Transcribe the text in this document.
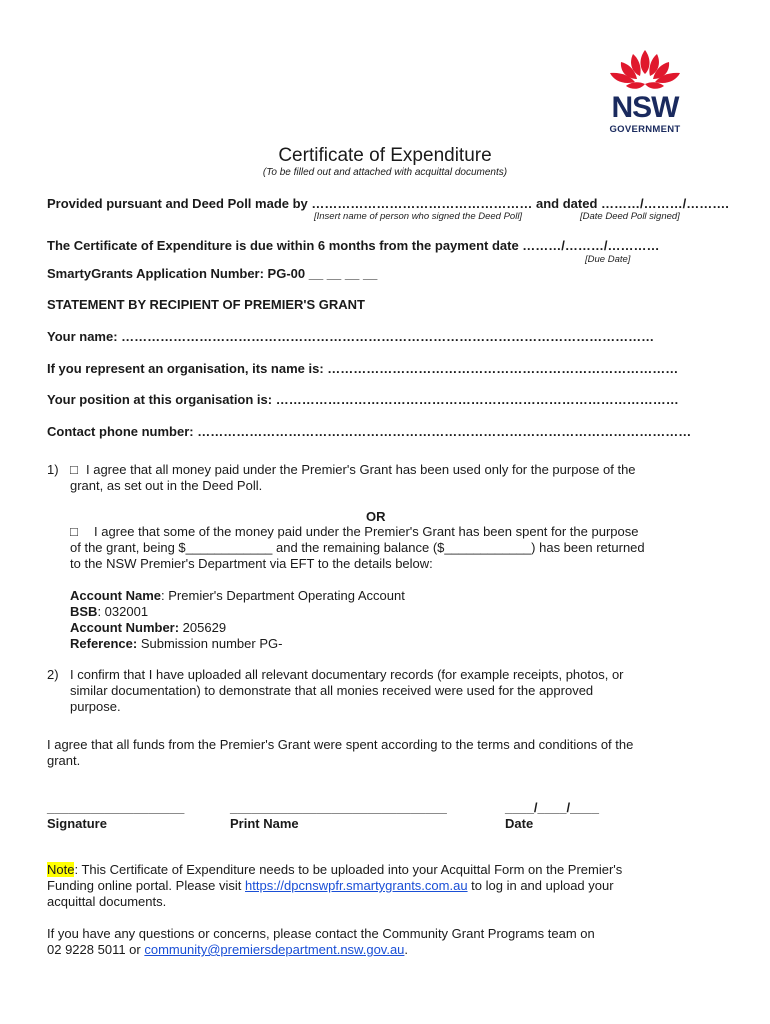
NSW
GOVERNMENT
Certificate of Expenditure
(To be filled out and attached with acquittal documents)
Provided pursuant and Deed Poll made by …………………………………………… and dated ………/………/……….
[Insert name of person who signed the Deed Poll]	[Date Deed Poll signed]
The Certificate of Expenditure is due within 6 months from the payment date ………/………/…………
[Due Date]
SmartyGrants Application Number: PG-00 __ __ __ __
STATEMENT BY RECIPIENT OF PREMIER'S GRANT
Your name: ……………………………………………………………………………………………………………
If you represent an organisation, its name is: ………………………………………………………………………
Your position at this organisation is: …………………………………………………………………………………
Contact phone number: ……………………………………………………………………………………………………
1) □ I agree that all money paid under the Premier's Grant has been used only for the purpose of the
grant, as set out in the Deed Poll.
OR
□ I agree that some of the money paid under the Premier's Grant has been spent for the purpose
of the grant, being $____________ and the remaining balance ($____________) has been returned
to the NSW Premier's Department via EFT to the details below:
Account Name: Premier's Department Operating Account
BSB: 032001
Account Number: 205629
Reference: Submission number PG-
2) I confirm that I have uploaded all relevant documentary records (for example receipts, photos, or
similar documentation) to demonstrate that all monies received were used for the approved
purpose.
I agree that all funds from the Premier's Grant were spent according to the terms and conditions of the
grant.
___________________
Signature
______________________________
Print Name
____/____/____
Date
Note: This Certificate of Expenditure needs to be uploaded into your Acquittal Form on the Premier's
Funding online portal. Please visit https://dpcnswpfr.smartygrants.com.au to log in and upload your
acquittal documents.
If you have any questions or concerns, please contact the Community Grant Programs team on
02 9228 5011 or community@premiersdepartment.nsw.gov.au.
